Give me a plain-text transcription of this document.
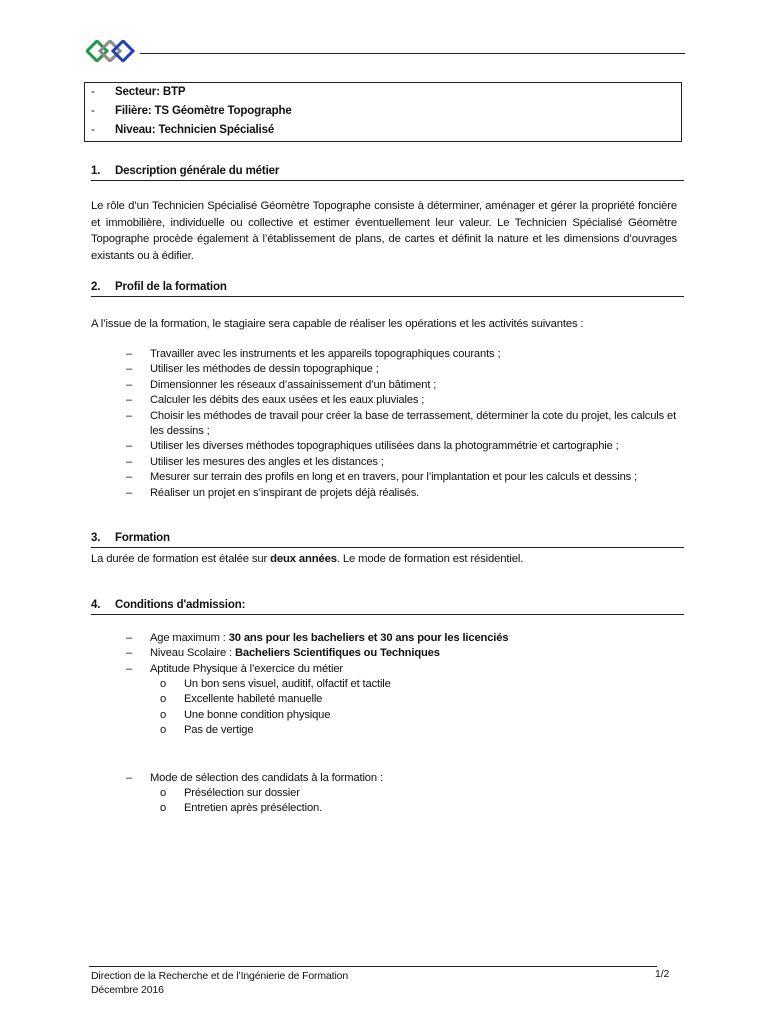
- Secteur: BTP
- Filière: TS Géomètre Topographe
- Niveau: Technicien Spécialisé
1. Description générale du métier
Le rôle d’un Technicien Spécialisé Géomètre Topographe consiste à déterminer, aménager et gérer la propriété foncière et immobilière, individuelle ou collective et estimer éventuellement leur valeur. Le Technicien Spécialisé Géomètre Topographe procède également à l’établissement de plans, de cartes et définit la nature et les dimensions d’ouvrages existants ou à édifier.
2. Profil de la formation
A l’issue de la formation, le stagiaire sera capable de réaliser les opérations et les activités suivantes :
– Travailler avec les instruments et les appareils topographiques courants ;
– Utiliser les méthodes de dessin topographique ;
– Dimensionner les réseaux d’assainissement d’un bâtiment ;
– Calculer les débits des eaux usées et les eaux pluviales ;
– Choisir les méthodes de travail pour créer la base de terrassement, déterminer la cote du projet, les calculs et les dessins ;
– Utiliser les diverses méthodes topographiques utilisées dans la photogrammétrie et cartographie ;
– Utiliser les mesures des angles et les distances ;
– Mesurer sur terrain des profils en long et en travers, pour l’implantation et pour les calculs et dessins ;
– Réaliser un projet en s’inspirant de projets déjà réalisés.
3. Formation
La durée de formation est étalée sur deux années. Le mode de formation est résidentiel.
4. Conditions d'admission:
– Age maximum : 30 ans pour les bacheliers et 30 ans pour les licenciés
– Niveau Scolaire : Bacheliers Scientifiques ou Techniques
– Aptitude Physique à l’exercice du métier
o Un bon sens visuel, auditif, olfactif et tactile
o Excellente habileté manuelle
o Une bonne condition physique
o Pas de vertige
– Mode de sélection des candidats à la formation :
o Présélection sur dossier
o Entretien après présélection.
Direction de la Recherche et de l’Ingénierie de Formation
Décembre 2016
1/2
